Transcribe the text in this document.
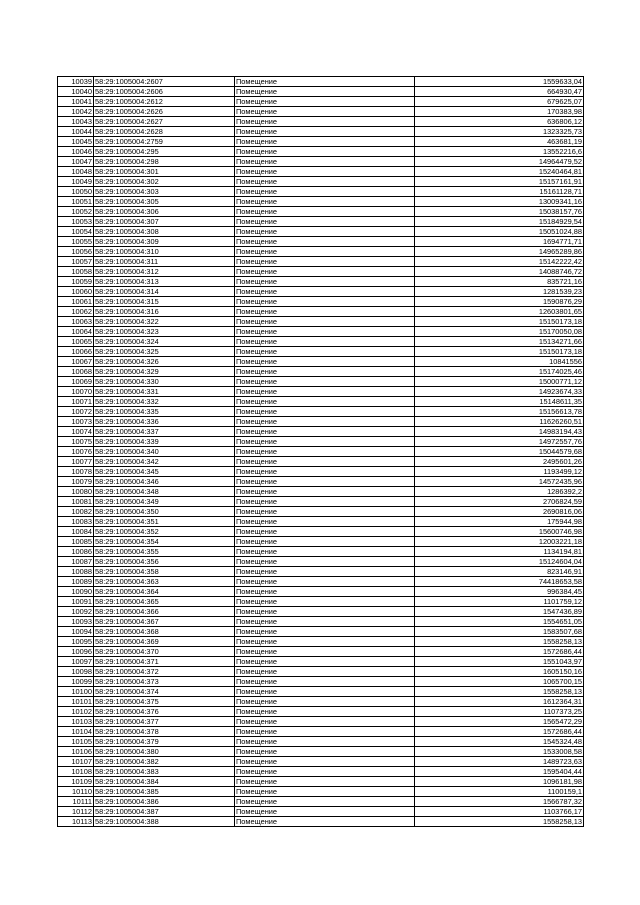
10039	58:29:1005004:2607	Помещение	1559633,04
10040	58:29:1005004:2606	Помещение	664930,47
10041	58:29:1005004:2612	Помещение	679625,07
10042	58:29:1005004:2626	Помещение	170383,98
10043	58:29:1005004:2627	Помещение	636806,12
10044	58:29:1005004:2628	Помещение	1323325,73
10045	58:29:1005004:2759	Помещение	463681,19
10046	58:29:1005004:295	Помещение	13552216,6
10047	58:29:1005004:298	Помещение	14964479,52
10048	58:29:1005004:301	Помещение	15240464,81
10049	58:29:1005004:302	Помещение	15157161,91
10050	58:29:1005004:303	Помещение	15161128,71
10051	58:29:1005004:305	Помещение	13009341,16
10052	58:29:1005004:306	Помещение	15038157,76
10053	58:29:1005004:307	Помещение	15184929,54
10054	58:29:1005004:308	Помещение	15051024,88
10055	58:29:1005004:309	Помещение	1694771,71
10056	58:29:1005004:310	Помещение	14965289,86
10057	58:29:1005004:311	Помещение	15142222,42
10058	58:29:1005004:312	Помещение	14088746,72
10059	58:29:1005004:313	Помещение	835721,16
10060	58:29:1005004:314	Помещение	1281539,23
10061	58:29:1005004:315	Помещение	1590876,29
10062	58:29:1005004:316	Помещение	12603801,65
10063	58:29:1005004:322	Помещение	15150173,18
10064	58:29:1005004:323	Помещение	15170050,08
10065	58:29:1005004:324	Помещение	15134271,66
10066	58:29:1005004:325	Помещение	15150173,18
10067	58:29:1005004:326	Помещение	10841556
10068	58:29:1005004:329	Помещение	15174025,46
10069	58:29:1005004:330	Помещение	15000771,12
10070	58:29:1005004:331	Помещение	14923674,33
10071	58:29:1005004:332	Помещение	15148611,35
10072	58:29:1005004:335	Помещение	15156613,78
10073	58:29:1005004:336	Помещение	11626260,51
10074	58:29:1005004:337	Помещение	14983194,43
10075	58:29:1005004:339	Помещение	14972557,76
10076	58:29:1005004:340	Помещение	15044579,68
10077	58:29:1005004:342	Помещение	2495601,26
10078	58:29:1005004:345	Помещение	1193499,12
10079	58:29:1005004:346	Помещение	14572435,96
10080	58:29:1005004:348	Помещение	1286392,2
10081	58:29:1005004:349	Помещение	2706824,59
10082	58:29:1005004:350	Помещение	2690816,06
10083	58:29:1005004:351	Помещение	175944,98
10084	58:29:1005004:352	Помещение	15600746,98
10085	58:29:1005004:354	Помещение	12003221,18
10086	58:29:1005004:355	Помещение	1134194,81
10087	58:29:1005004:356	Помещение	15124604,04
10088	58:29:1005004:358	Помещение	823146,91
10089	58:29:1005004:363	Помещение	74418653,58
10090	58:29:1005004:364	Помещение	996384,45
10091	58:29:1005004:365	Помещение	1101759,12
10092	58:29:1005004:366	Помещение	1547436,89
10093	58:29:1005004:367	Помещение	1554651,05
10094	58:29:1005004:368	Помещение	1583507,68
10095	58:29:1005004:369	Помещение	1558258,13
10096	58:29:1005004:370	Помещение	1572686,44
10097	58:29:1005004:371	Помещение	1551043,97
10098	58:29:1005004:372	Помещение	1605150,16
10099	58:29:1005004:373	Помещение	1065700,15
10100	58:29:1005004:374	Помещение	1558258,13
10101	58:29:1005004:375	Помещение	1612364,31
10102	58:29:1005004:376	Помещение	1107373,25
10103	58:29:1005004:377	Помещение	1565472,29
10104	58:29:1005004:378	Помещение	1572686,44
10105	58:29:1005004:379	Помещение	1545324,48
10106	58:29:1005004:380	Помещение	1533008,58
10107	58:29:1005004:382	Помещение	1489723,63
10108	58:29:1005004:383	Помещение	1595404,44
10109	58:29:1005004:384	Помещение	1096181,98
10110	58:29:1005004:385	Помещение	1100159,1
10111	58:29:1005004:386	Помещение	1566787,32
10112	58:29:1005004:387	Помещение	1103766,17
10113	58:29:1005004:388	Помещение	1558258,13
